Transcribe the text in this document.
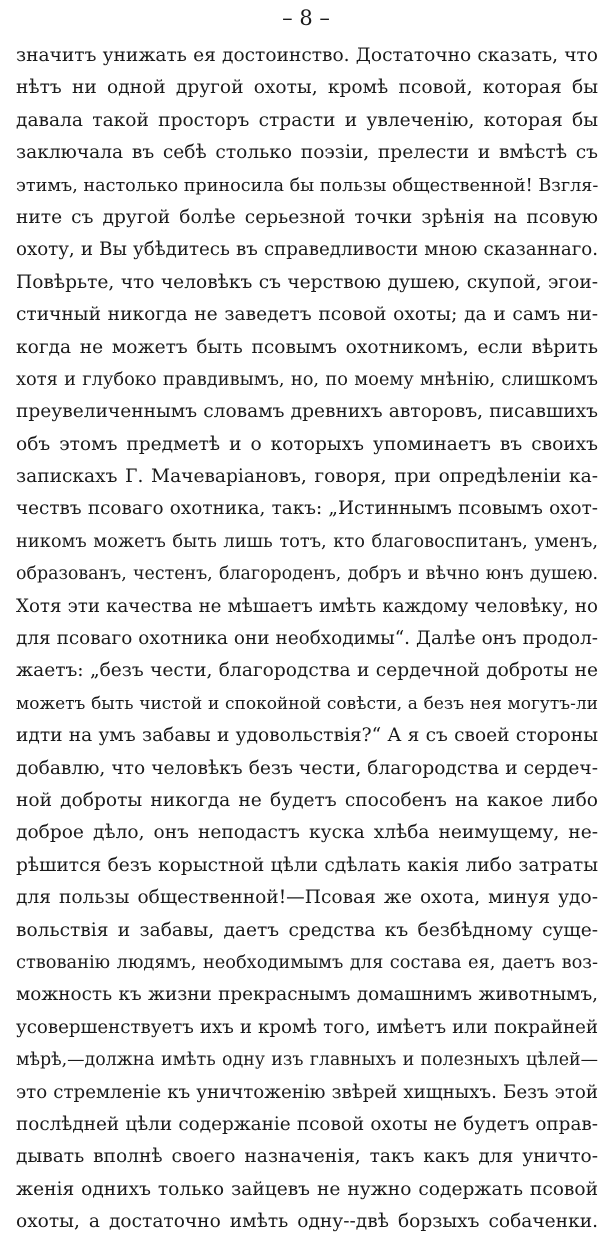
– 8 –
значитъ унижать ея достоинство. Достаточно сказать, что
нѣтъ ни одной другой охоты, кромѣ псовой, которая бы
давала такой просторъ страсти и увлеченію, которая бы
заключала въ себѣ столько поэзіи, прелести и вмѣстѣ съ
этимъ, настолько приносила бы пользы общественной! Взгля-
ните съ другой болѣе серьезной точки зрѣнія на псовую
охоту, и Вы убѣдитесь въ справедливости мною сказаннаго.
Повѣрьте, что человѣкъ съ черствою душею, скупой, эгои-
стичный никогда не заведетъ псовой охоты; да и самъ ни-
когда не можетъ быть псовымъ охотникомъ, если вѣрить
хотя и глубоко правдивымъ, но, по моему мнѣнію, слишкомъ
преувеличеннымъ словамъ древнихъ авторовъ, писавшихъ
объ этомъ предметѣ и о которыхъ упоминаетъ въ своихъ
запискахъ Г. Мачеварiановъ, говоря, при опредѣленіи ка-
чествъ псоваго охотника, такъ: „Истиннымъ псовымъ охот-
никомъ можетъ быть лишь тотъ, кто благовоспитанъ, уменъ,
образованъ, честенъ, благороденъ, добръ и вѣчно юнъ душею.
Хотя эти качества не мѣшаетъ имѣть каждому человѣку, но
для псоваго охотника они необходимы“. Далѣе онъ продол-
жаетъ: „безъ чести, благородства и сердечной доброты не
можетъ быть чистой и спокойной совѣсти, а безъ нея могутъ-ли
идти на умъ забавы и удовольствія?“ А я съ своей стороны
добавлю, что человѣкъ безъ чести, благородства и сердеч-
ной доброты никогда не будетъ способенъ на какое либо
доброе дѣло, онъ неподастъ куска хлѣба неимущему, не-
рѣшится безъ корыстной цѣли сдѣлать какія либо затраты
для пользы общественной!—Псовая же охота, минуя удо-
вольствія и забавы, даетъ средства къ безбѣдному суще-
ствованію людямъ, необходимымъ для состава ея, даетъ воз-
можность къ жизни прекраснымъ домашнимъ животнымъ,
усовершенствуетъ ихъ и кромѣ того, имѣетъ или покрайней
мѣрѣ,—должна имѣть одну изъ главныхъ и полезныхъ цѣлей—
это стремленіе къ уничтоженію звѣрей хищныхъ. Безъ этой
послѣдней цѣли содержаніе псовой охоты не будетъ оправ-
дывать вполнѣ своего назначенія, такъ какъ для уничто-
женія однихъ только зайцевъ не нужно содержать псовой
охоты, а достаточно имѣть одну--двѣ борзыхъ собаченки.
